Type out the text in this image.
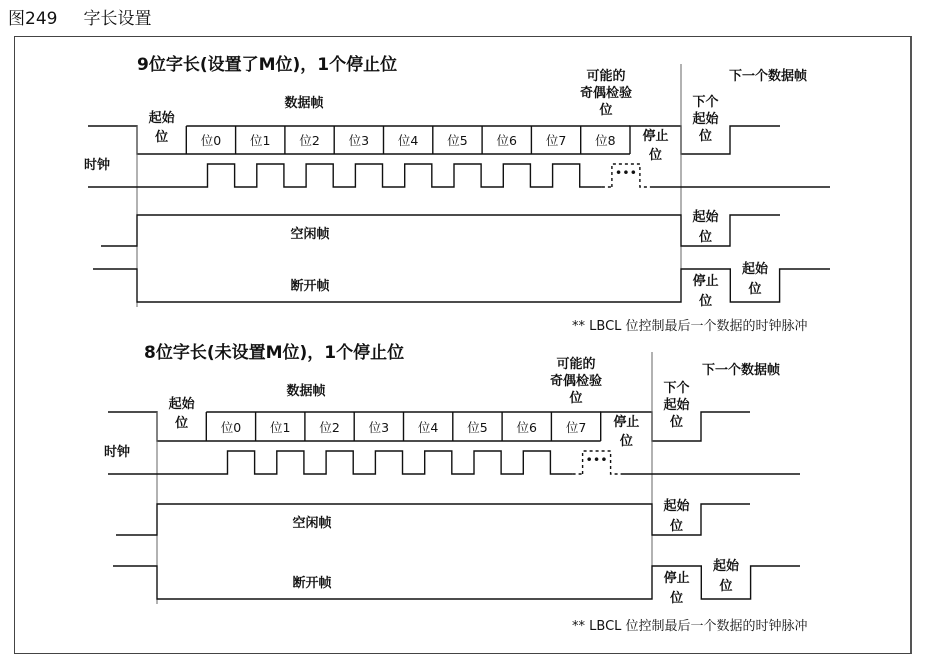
图249 字长设置
9位字长(设置了M位)，1个停止位
数据帧
起始
位	位0 位1 位2 位3 位4 位5 位6 位7 位8
可能的
奇偶检验
位
停止
位
下一个数据帧
下个
起始
位
时钟	•••
空闲帧
起始
位
断开帧	停止
位
起始
位
** LBCL 位控制最后一个数据的时钟脉冲
8位字长(未设置M位)，1个停止位
数据帧
起始
位	位0 位1 位2 位3 位4 位5 位6 位7
可能的
奇偶检验
位
停止
位
下一个数据帧
下个
起始
位
时钟	•••
空闲帧
起始
位
断开帧	停止
位
起始
位
** LBCL 位控制最后一个数据的时钟脉冲
